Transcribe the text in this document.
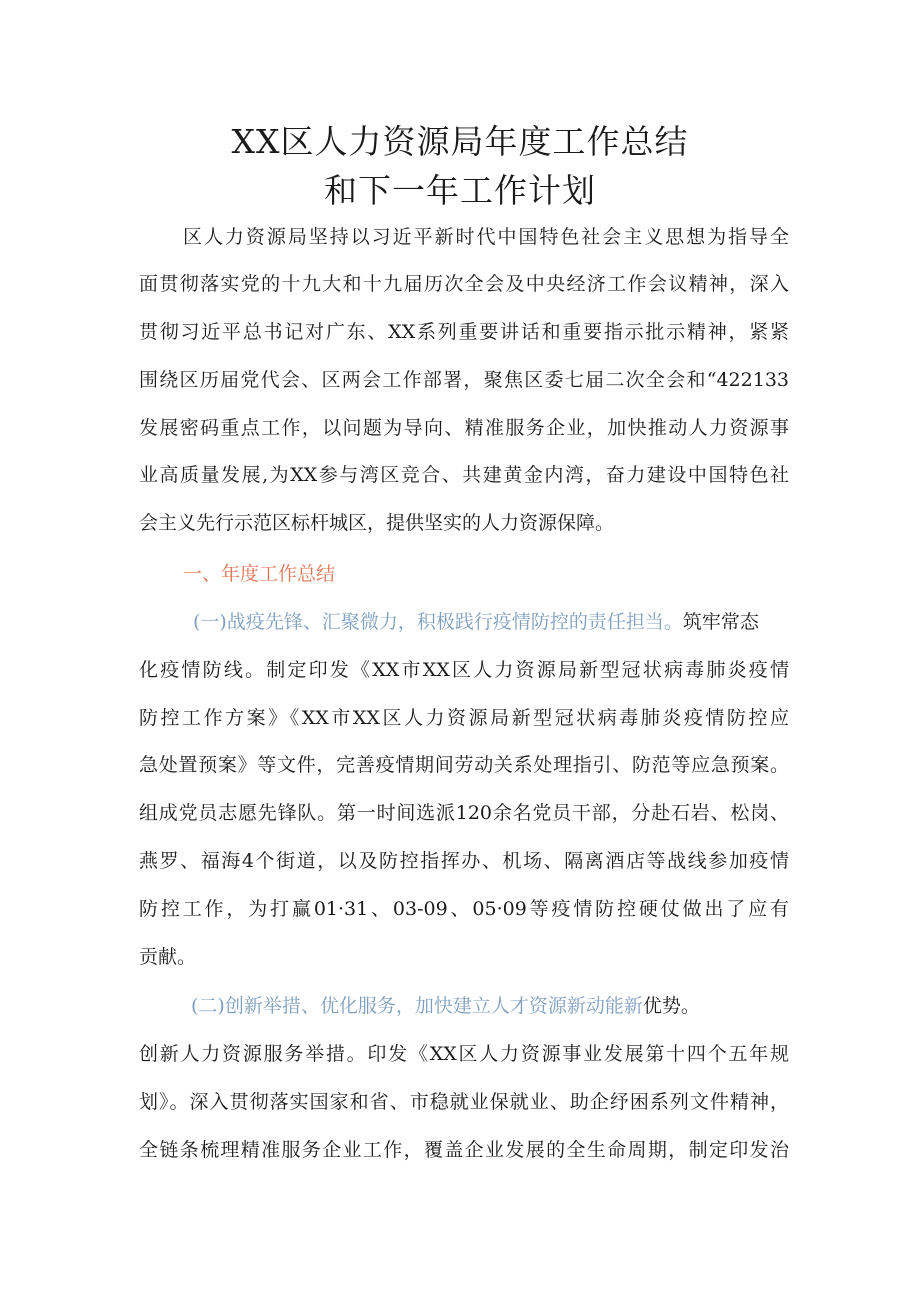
XX区人力资源局年度工作总结
和下一年工作计划
区人力资源局坚持以习近平新时代中国特色社会主义思想为指导全
面贯彻落实党的十九大和十九届历次全会及中央经济工作会议精神，深入
贯彻习近平总书记对广东、XX系列重要讲话和重要指示批示精神，紧紧
围绕区历届党代会、区两会工作部署，聚焦区委七届二次全会和“422133
发展密码重点工作，以问题为导向、精准服务企业，加快推动人力资源事
业高质量发展,为XX参与湾区竞合、共建黄金内湾，奋力建设中国特色社
会主义先行示范区标杆城区，提供坚实的人力资源保障。
一、年度工作总结
(一)战疫先锋、汇聚微力，积极践行疫情防控的责任担当。筑牢常态
化疫情防线。制定印发《XX市XX区人力资源局新型冠状病毒肺炎疫情
防控工作方案》《XX市XX区人力资源局新型冠状病毒肺炎疫情防控应
急处置预案》等文件，完善疫情期间劳动关系处理指引、防范等应急预案。
组成党员志愿先锋队。第一时间选派120余名党员干部，分赴石岩、松岗、
燕罗、福海4个街道，以及防控指挥办、机场、隔离酒店等战线参加疫情
防控工作，为打赢01·31、03-09、05·09等疫情防控硬仗做出了应有
贡献。
(二)创新举措、优化服务，加快建立人才资源新动能新优势。
创新人力资源服务举措。印发《XX区人力资源事业发展第十四个五年规
划》。深入贯彻落实国家和省、市稳就业保就业、助企纾困系列文件精神，
全链条梳理精准服务企业工作，覆盖企业发展的全生命周期，制定印发治
